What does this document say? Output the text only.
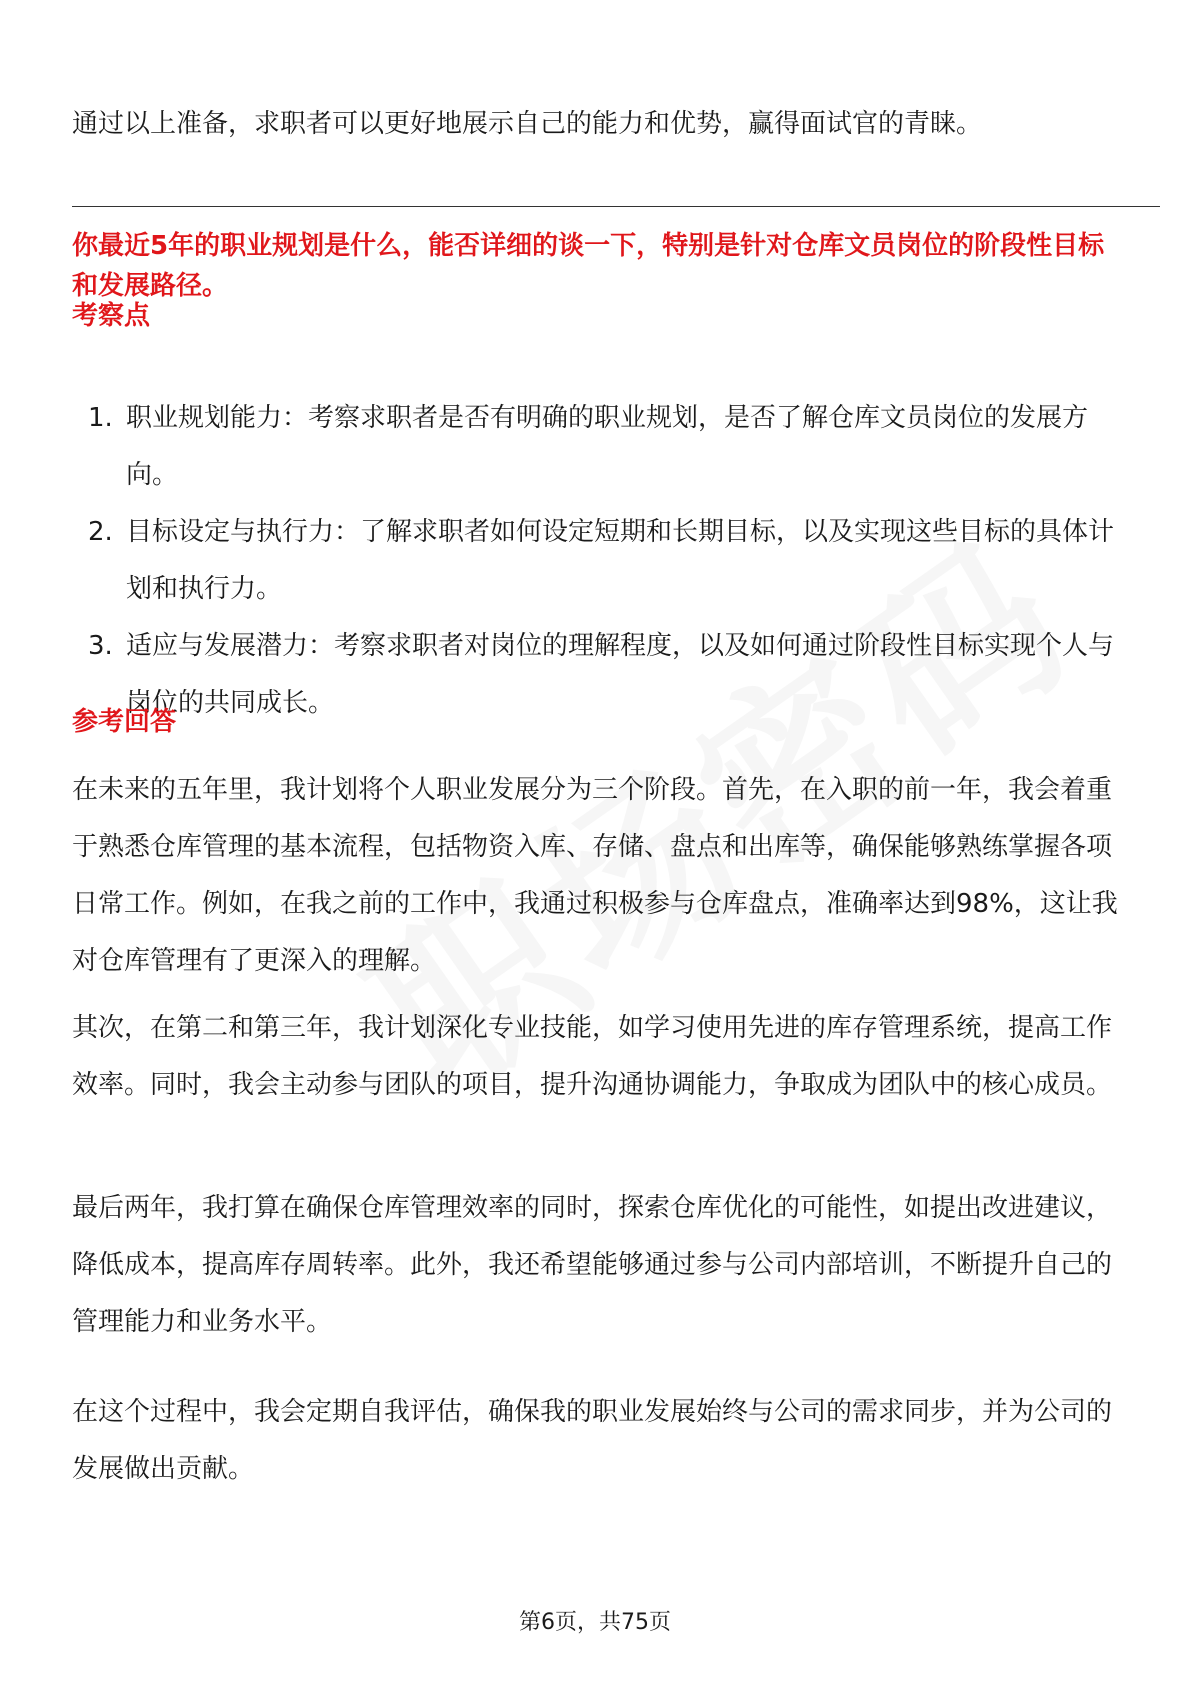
通过以上准备，求职者可以更好地展示自己的能力和优势，赢得面试官的青睐。
你最近5年的职业规划是什么，能否详细的谈一下，特别是针对仓库文员岗位的阶段性目标和发展路径。
考察点
1. 职业规划能力：考察求职者是否有明确的职业规划，是否了解仓库文员岗位的发展方向。
2. 目标设定与执行力：了解求职者如何设定短期和长期目标，以及实现这些目标的具体计划和执行力。
3. 适应与发展潜力：考察求职者对岗位的理解程度，以及如何通过阶段性目标实现个人与岗位的共同成长。
参考回答

在未来的五年里，我计划将个人职业发展分为三个阶段。首先，在入职的前一年，我会着重于熟悉仓库管理的基本流程，包括物资入库、存储、盘点和出库等，确保能够熟练掌握各项日常工作。例如，在我之前的工作中，我通过积极参与仓库盘点，准确率达到98%，这让我对仓库管理有了更深入的理解。

其次，在第二和第三年，我计划深化专业技能，如学习使用先进的库存管理系统，提高工作效率。同时，我会主动参与团队的项目，提升沟通协调能力，争取成为团队中的核心成员。

最后两年，我打算在确保仓库管理效率的同时，探索仓库优化的可能性，如提出改进建议，降低成本，提高库存周转率。此外，我还希望能够通过参与公司内部培训，不断提升自己的管理能力和业务水平。

在这个过程中，我会定期自我评估，确保我的职业发展始终与公司的需求同步，并为公司的发展做出贡献。

第6页，共75页
